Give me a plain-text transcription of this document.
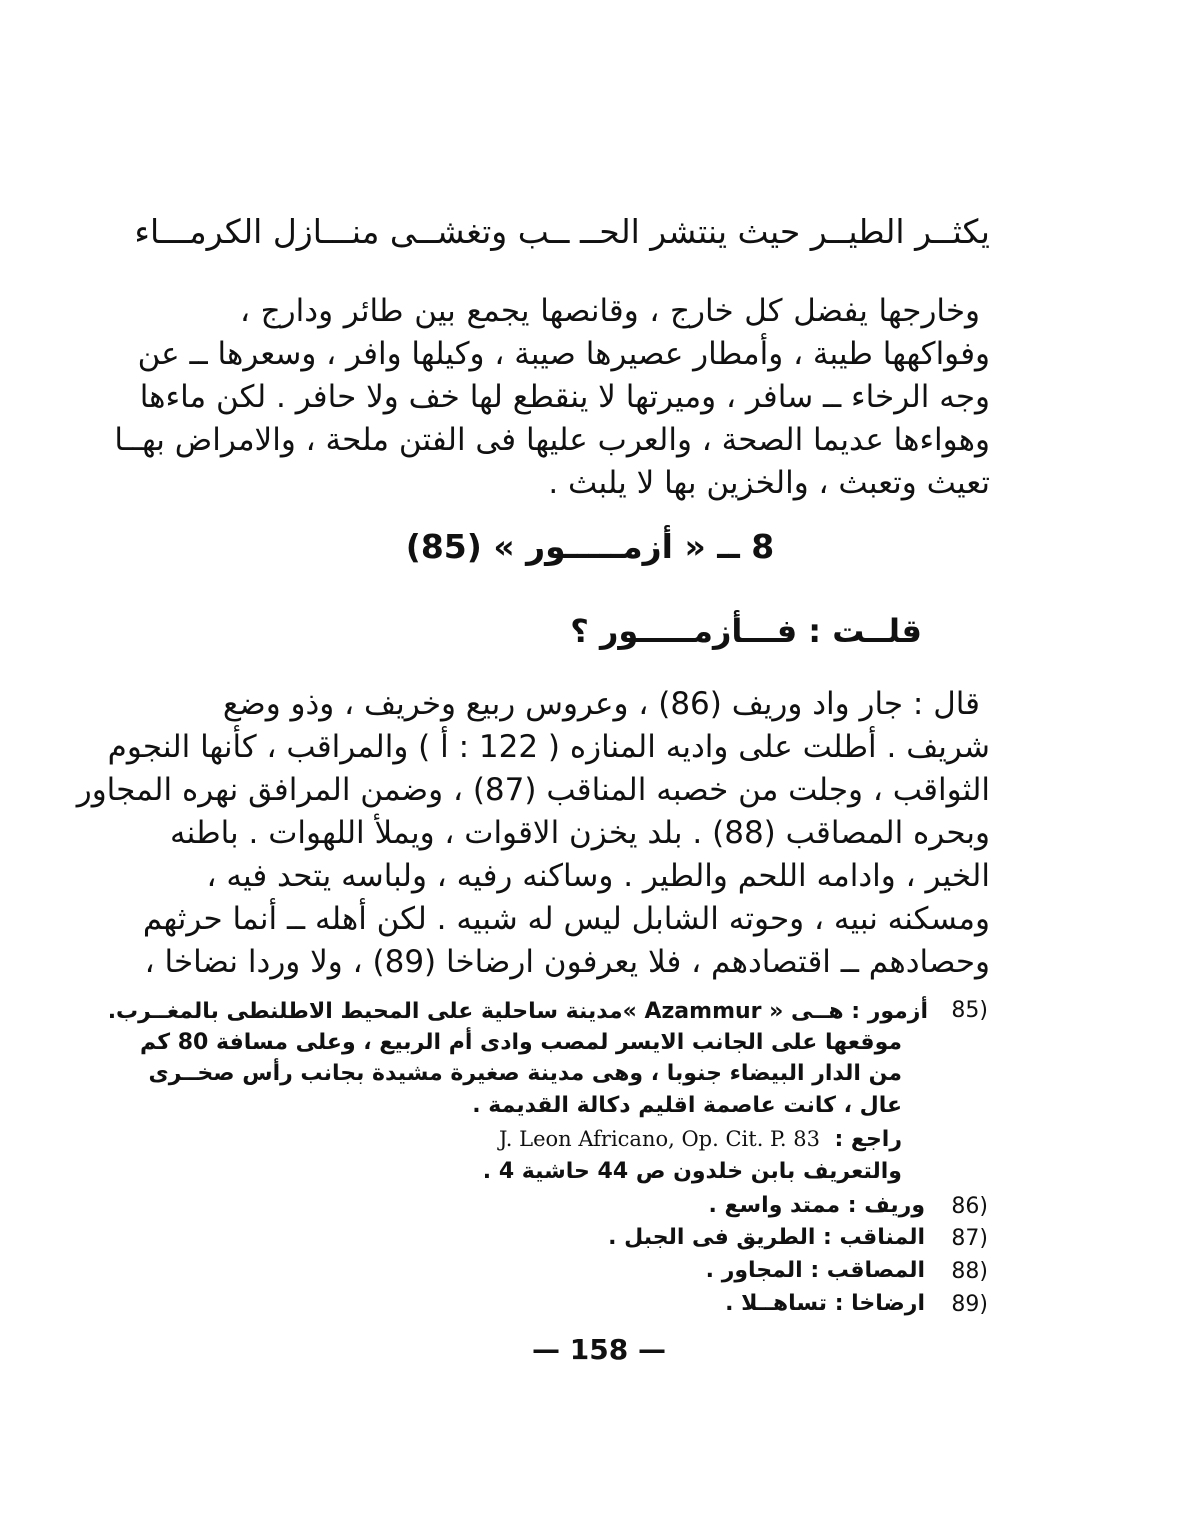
يكثــر الطيــر حيث ينتشر الحــ ــب وتغشــى منـــازل الكرمـــاء
وخارجها يفضل كل خارج ، وقانصها يجمع بين طائر ودارج ،
وفواكهها طيبة ، وأمطار عصيرها صيبة ، وكيلها وافر ، وسعرها ــ عن
وجه الرخاء ــ سافر ، وميرتها لا ينقطع لها خف ولا حافر . لكن ماءها
وهواءها عديما الصحة ، والعرب عليها فى الفتن ملحة ، والامراض بهــا
تعيث وتعبث ، والخزين بها لا يلبث .
8 ــ « أزمـــــور » (85)
قلــت : فـــأزمـــــور ؟
قال : جار واد وريف (86) ، وعروس ربيع وخريف ، وذو وضع
شريف . أطلت على واديه المنازه ( 122 : أ ) والمراقب ، كأنها النجوم
الثواقب ، وجلت من خصبه المناقب (87) ، وضمن المرافق نهره المجاور
وبحره المصاقب (88) . بلد يخزن الاقوات ، ويملأ اللهوات . باطنه
الخير ، وادامه اللحم والطير . وساكنه رفيه ، ولباسه يتحد فيه ،
ومسكنه نبيه ، وحوته الشابل ليس له شبيه . لكن أهله ــ أنما حرثهم
وحصادهم ــ اقتصادهم ، فلا يعرفون ارضاخا (89) ، ولا وردا نضاخا ،
85)
أزمور : هــى « Azammur »مدينة ساحلية على المحيط الاطلنطى بالمغــرب.
موقعها على الجانب الايسر لمصب وادى أم الربيع ، وعلى مسافة 80 كم
من الدار البيضاء جنوبا ، وهى مدينة صغيرة مشيدة بجانب رأس صخــرى
عال ، كانت عاصمة اقليم دكالة القديمة .
راجع :
J. Leon Africano, Op. Cit. P. 83
والتعريف بابن خلدون ص 44 حاشية 4 .
86)
وريف : ممتد واسع .
87)
المناقب : الطريق فى الجبل .
88)
المصاقب : المجاور .
89)
ارضاخا : تساهــلا .
— 158 —
